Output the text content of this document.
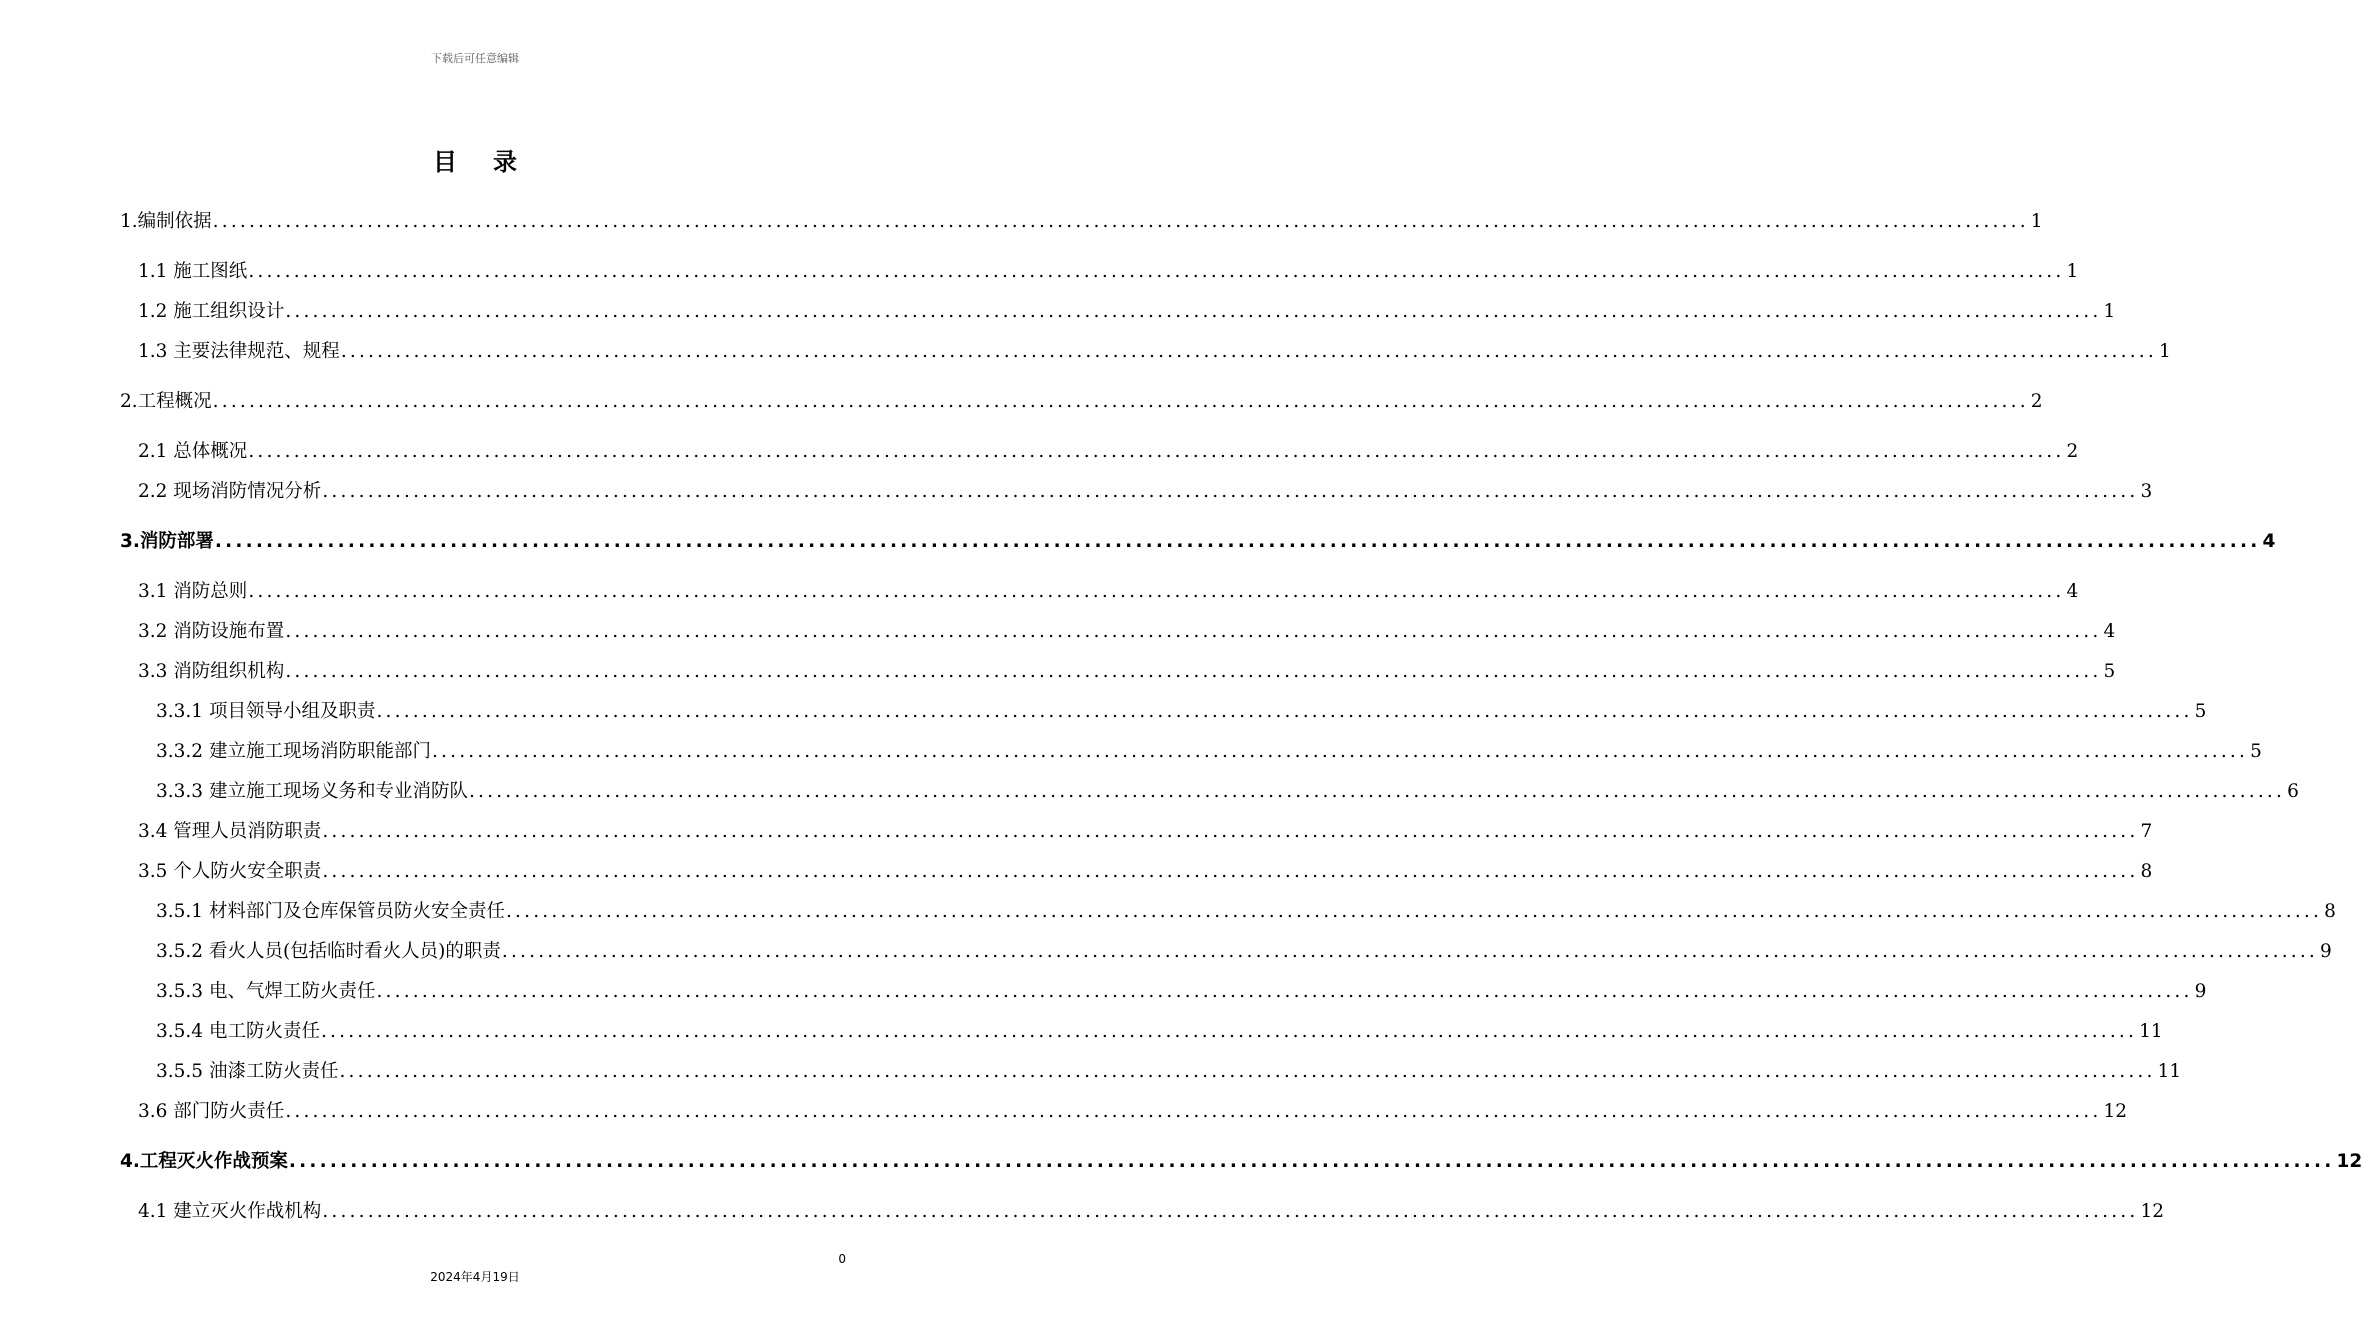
下载后可任意编辑
目录
1.编制依据 ........................................................................................................................................................................................................ 1
1.1 施工图纸 ........................................................................................................................................................................................................ 1
1.2 施工组织设计 ........................................................................................................................................................................................................ 1
1.3 主要法律规范、规程 ........................................................................................................................................................................................................ 1
2.工程概况 ........................................................................................................................................................................................................ 2
2.1 总体概况 ........................................................................................................................................................................................................ 2
2.2 现场消防情况分析 ........................................................................................................................................................................................................ 3
3.消防部署 ........................................................................................................................................................................................................ 4
3.1 消防总则 ........................................................................................................................................................................................................ 4
3.2 消防设施布置 ........................................................................................................................................................................................................ 4
3.3 消防组织机构 ........................................................................................................................................................................................................ 5
3.3.1 项目领导小组及职责 ........................................................................................................................................................................................................ 5
3.3.2 建立施工现场消防职能部门 ........................................................................................................................................................................................................ 5
3.3.3 建立施工现场义务和专业消防队 ........................................................................................................................................................................................................ 6
3.4 管理人员消防职责 ........................................................................................................................................................................................................ 7
3.5 个人防火安全职责 ........................................................................................................................................................................................................ 8
3.5.1 材料部门及仓库保管员防火安全责任 ........................................................................................................................................................................................................ 8
3.5.2 看火人员(包括临时看火人员)的职责 ........................................................................................................................................................................................................ 9
3.5.3 电、气焊工防火责任 ........................................................................................................................................................................................................ 9
3.5.4 电工防火责任 ........................................................................................................................................................................................................ 11
3.5.5 油漆工防火责任 ........................................................................................................................................................................................................ 11
3.6 部门防火责任 ........................................................................................................................................................................................................ 12
4.工程灭火作战预案 ........................................................................................................................................................................................................ 12
4.1 建立灭火作战机构 ........................................................................................................................................................................................................ 12
0
2024年4月19日
